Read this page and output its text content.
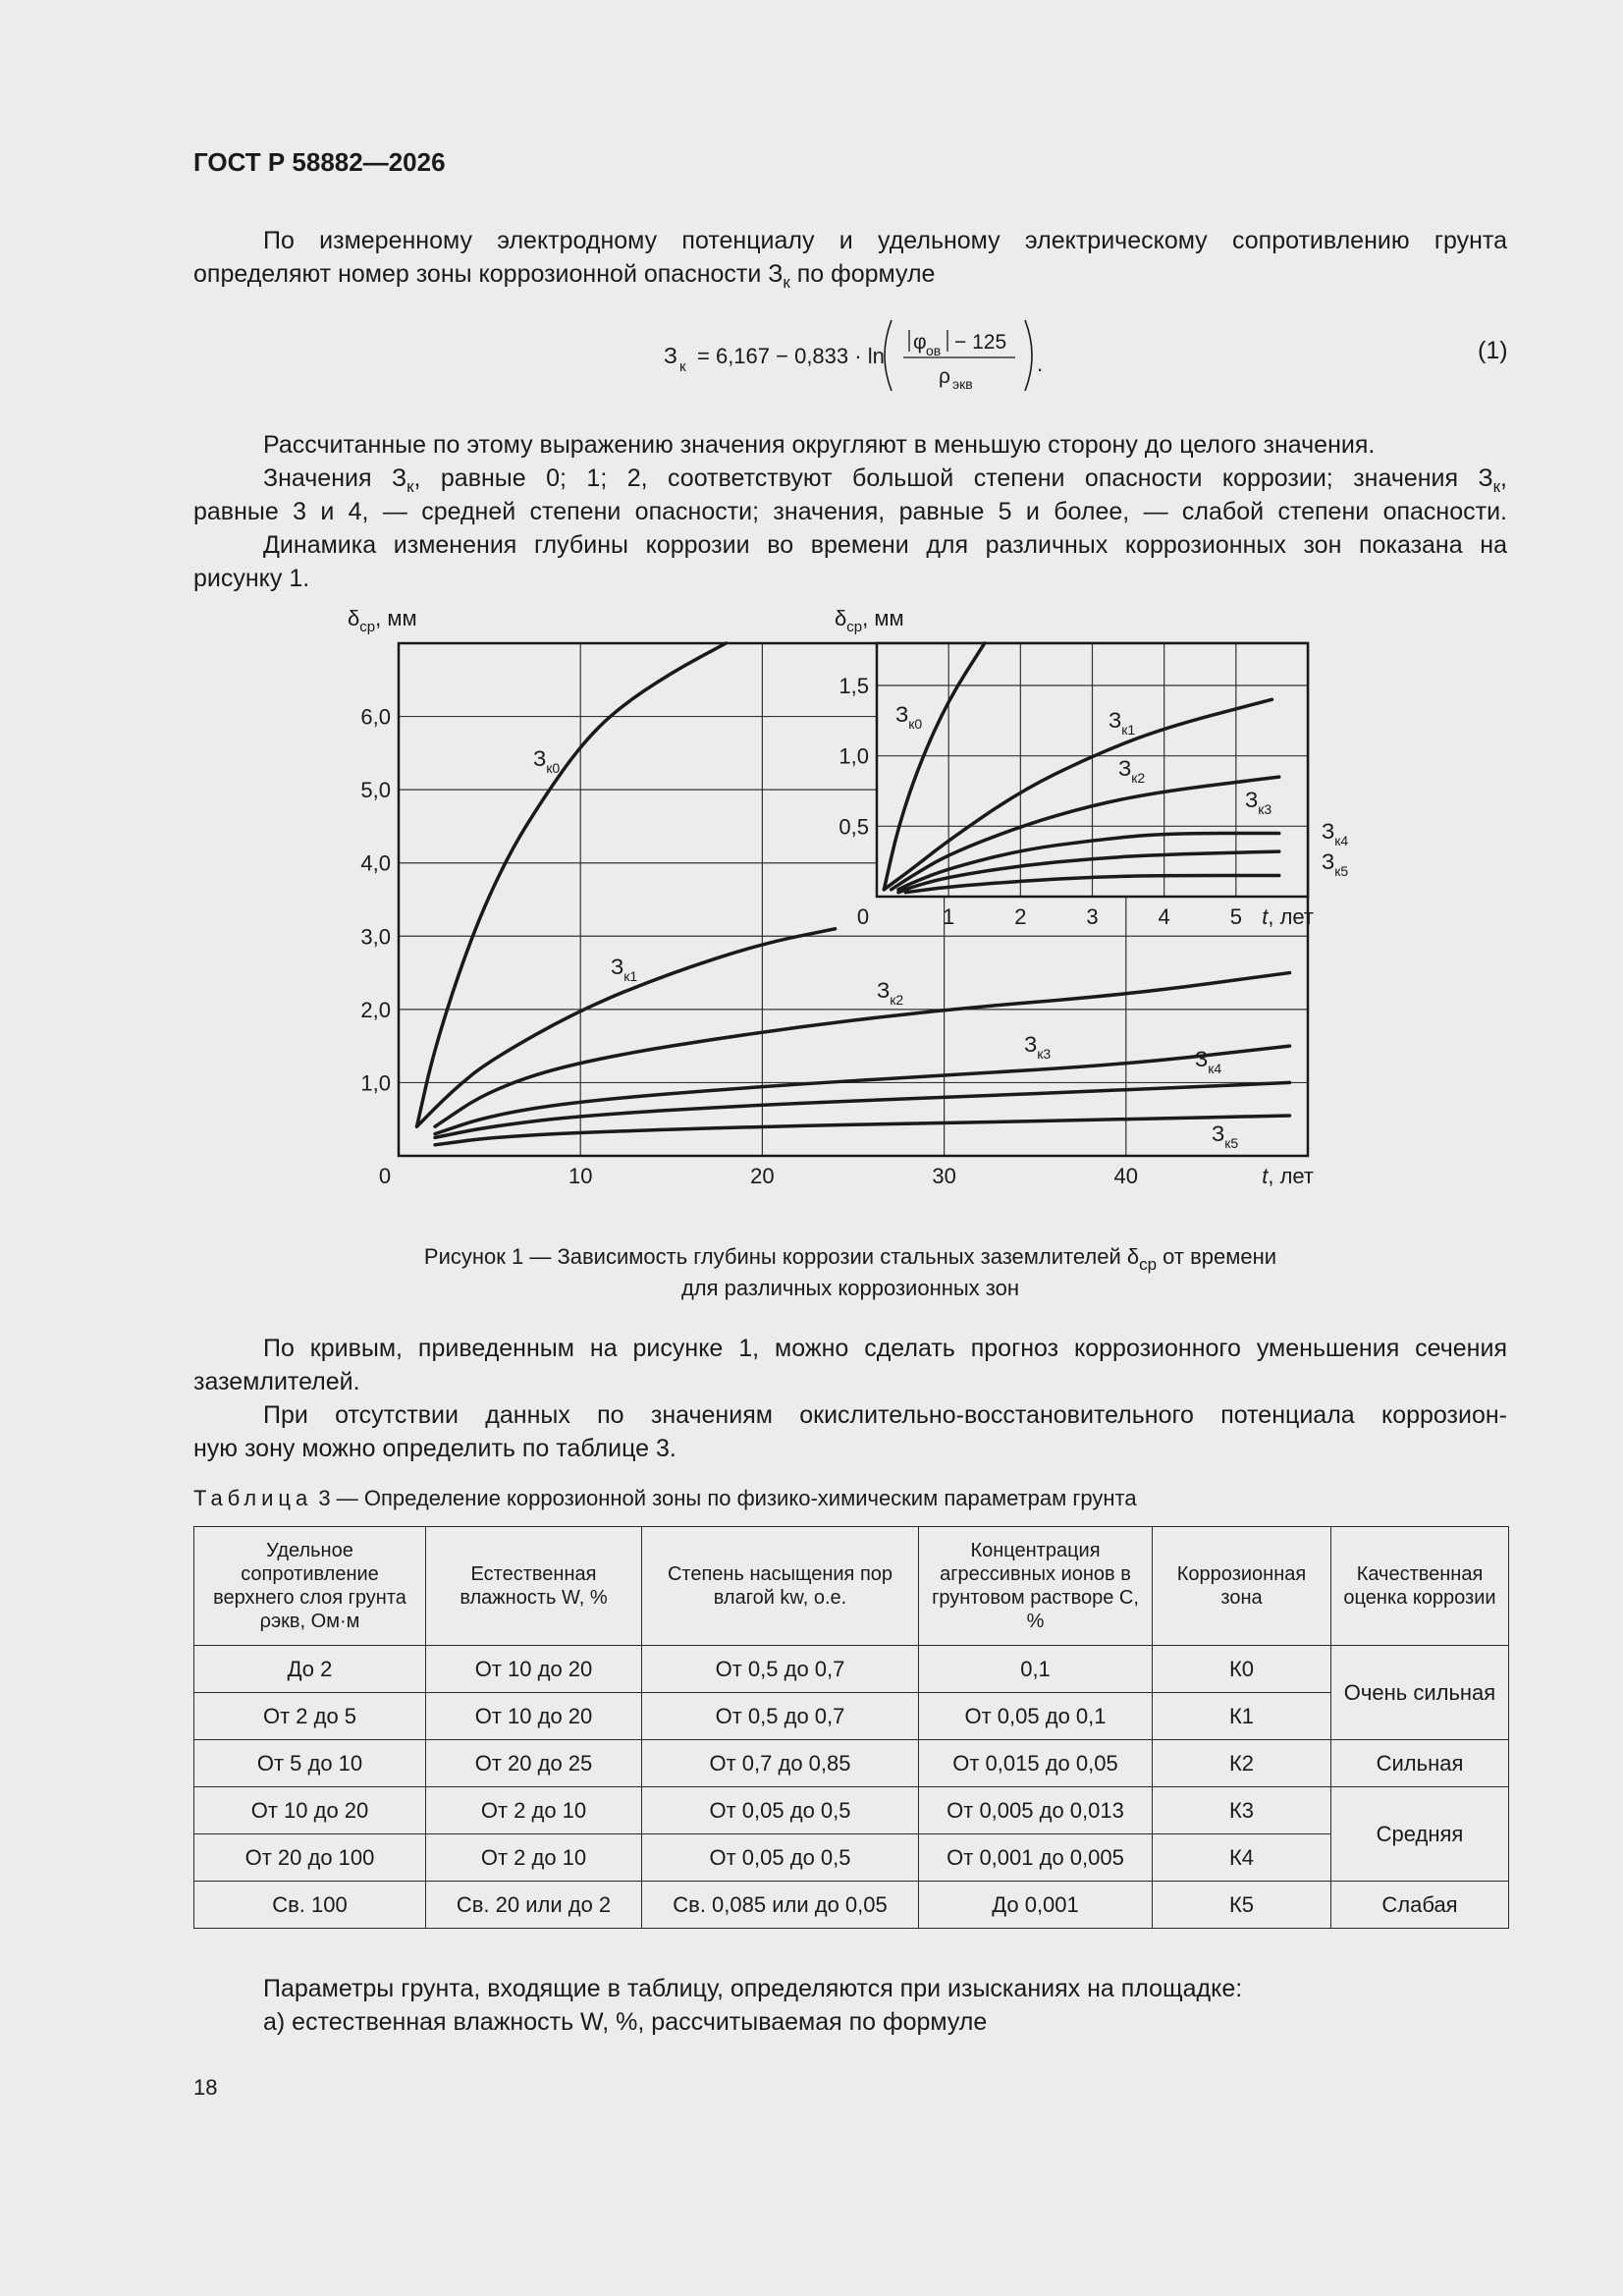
ГОСТ Р 58882—2026
По измеренному электродному потенциалу и удельному электрическому сопротивлению грунта
определяют номер зоны коррозионной опасности $З_к$ по формуле
З к = 6,167 − 0,833 · ln
φ ов − 125
ρ экв
.	(1)
Рассчитанные по этому выражению значения округляют в меньшую сторону до целого значения.
Значения $З_к$, равные 0; 1; 2, соответствуют большой степени опасности коррозии; значения $З_к$,
равные 3 и 4, — средней степени опасности; значения, равные 5 и более, — слабой степени опасности.
Динамика изменения глубины коррозии во времени для различных коррозионных зон показана на
рисунку 1.
0	10	20	30	40
1,0
2,0
3,0
4,0
5,0
6,0
$\delta_{ср}$, мм
t, лет
$З_{к0}$
$З_{к1}$
$З_{к2}$
$З_{к3}$	$З_{к4}$
$З_{к5}$
0	1	2	3	4	5
0,5
1,0
1,5
$\delta_{ср}$, мм
t, лет
$З_{к0}$	$З_{к1}$
$З_{к2}$
$З_{к3}$
$З_{к4}$
$З_{к5}$
Рисунок 1 — Зависимость глубины коррозии стальных заземлителей $\delta_{ср}$ от времени
для различных коррозионных зон
По кривым, приведенным на рисунке 1, можно сделать прогноз коррозионного уменьшения сечения
заземлителей.
При отсутствии данных по значениям окислительно-восстановительного потенциала коррозион-
ную зону можно определить по таблице 3.
Таблица 3 — Определение коррозионной зоны по физико-химическим параметрам грунта
Удельное сопротивление верхнего слоя грунта ρэкв, Ом·м	Естественная влажность W, %	Степень насыщения пор влагой kw, о.е.	Концентрация агрессивных ионов в грунтовом растворе C, %	Коррозионная зона	Качественная оценка коррозии
До 2	От 10 до 20	От 0,5 до 0,7	0,1	К0	Очень сильная
От 2 до 5	От 10 до 20	От 0,5 до 0,7	От 0,05 до 0,1	К1	
От 5 до 10	От 20 до 25	От 0,7 до 0,85	От 0,015 до 0,05	К2	Сильная
От 10 до 20	От 2 до 10	От 0,05 до 0,5	От 0,005 до 0,013	К3	Средняя
От 20 до 100	От 2 до 10	От 0,05 до 0,5	От 0,001 до 0,005	К4	
Св. 100	Св. 20 или до 2	Св. 0,085 или до 0,05	До 0,001	К5	Слабая
Параметры грунта, входящие в таблицу, определяются при изысканиях на площадке:
а) естественная влажность W, %, рассчитываемая по формуле
18
